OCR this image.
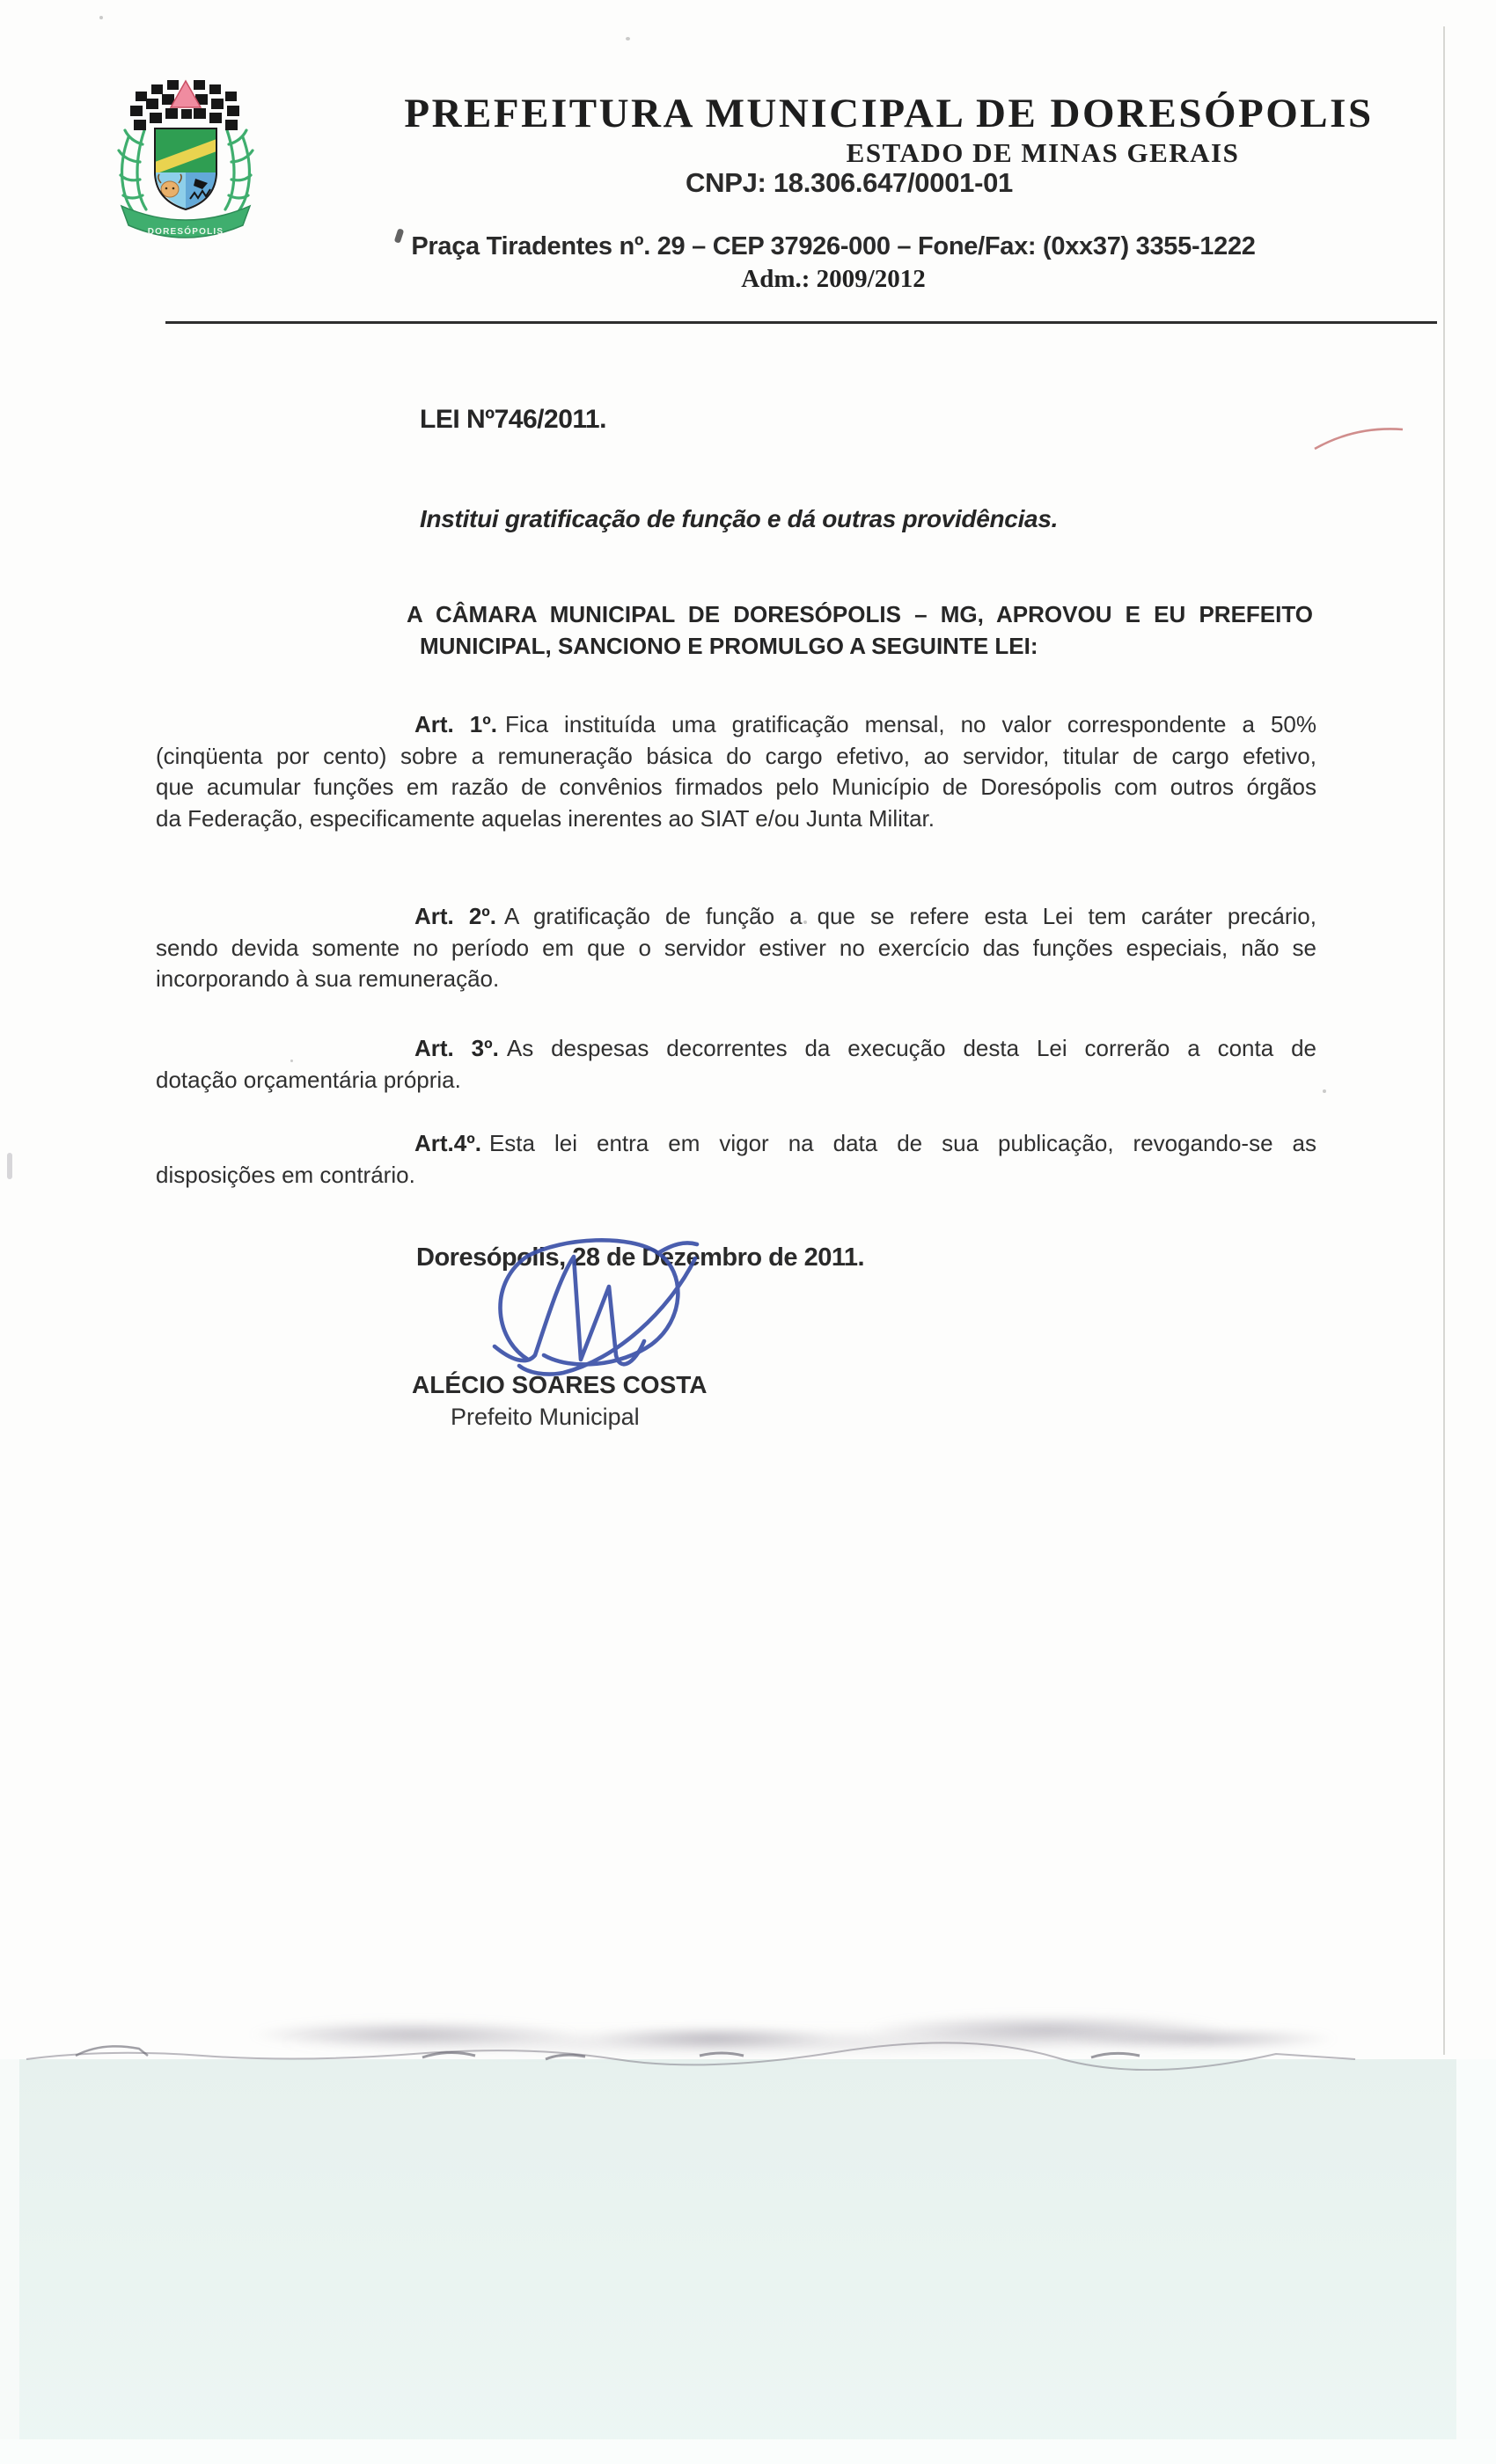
DORESÓPOLIS
PREFEITURA MUNICIPAL DE DORESÓPOLIS
ESTADO DE MINAS GERAIS
CNPJ: 18.306.647/0001-01
Praça Tiradentes nº. 29 – CEP 37926-000 – Fone/Fax: (0xx37) 3355-1222
Adm.: 2009/2012
LEI Nº746/2011.
Institui gratificação de função e dá outras providências.
A CÂMARA MUNICIPAL DE DORESÓPOLIS – MG, APROVOU E EU PREFEITO
MUNICIPAL, SANCIONO E PROMULGO A SEGUINTE LEI:
Art. 1º. Fica instituída uma gratificação mensal, no valor correspondente a 50%
(cinqüenta por cento) sobre a remuneração básica do cargo efetivo, ao servidor, titular de cargo efetivo,
que acumular funções em razão de convênios firmados pelo Município de Doresópolis com outros órgãos
da Federação, especificamente aquelas inerentes ao SIAT e/ou Junta Militar.
Art. 2º. A gratificação de função a que se refere esta Lei tem caráter precário,
sendo devida somente no período em que o servidor estiver no exercício das funções especiais, não se
incorporando à sua remuneração.
Art. 3º. As despesas decorrentes da execução desta Lei correrão a conta de
dotação orçamentária própria.
Art.4º. Esta lei entra em vigor na data de sua publicação, revogando-se as
disposições em contrário.
Doresópolis, 28 de Dezembro de 2011.
ALÉCIO SOARES COSTA
Prefeito Municipal
